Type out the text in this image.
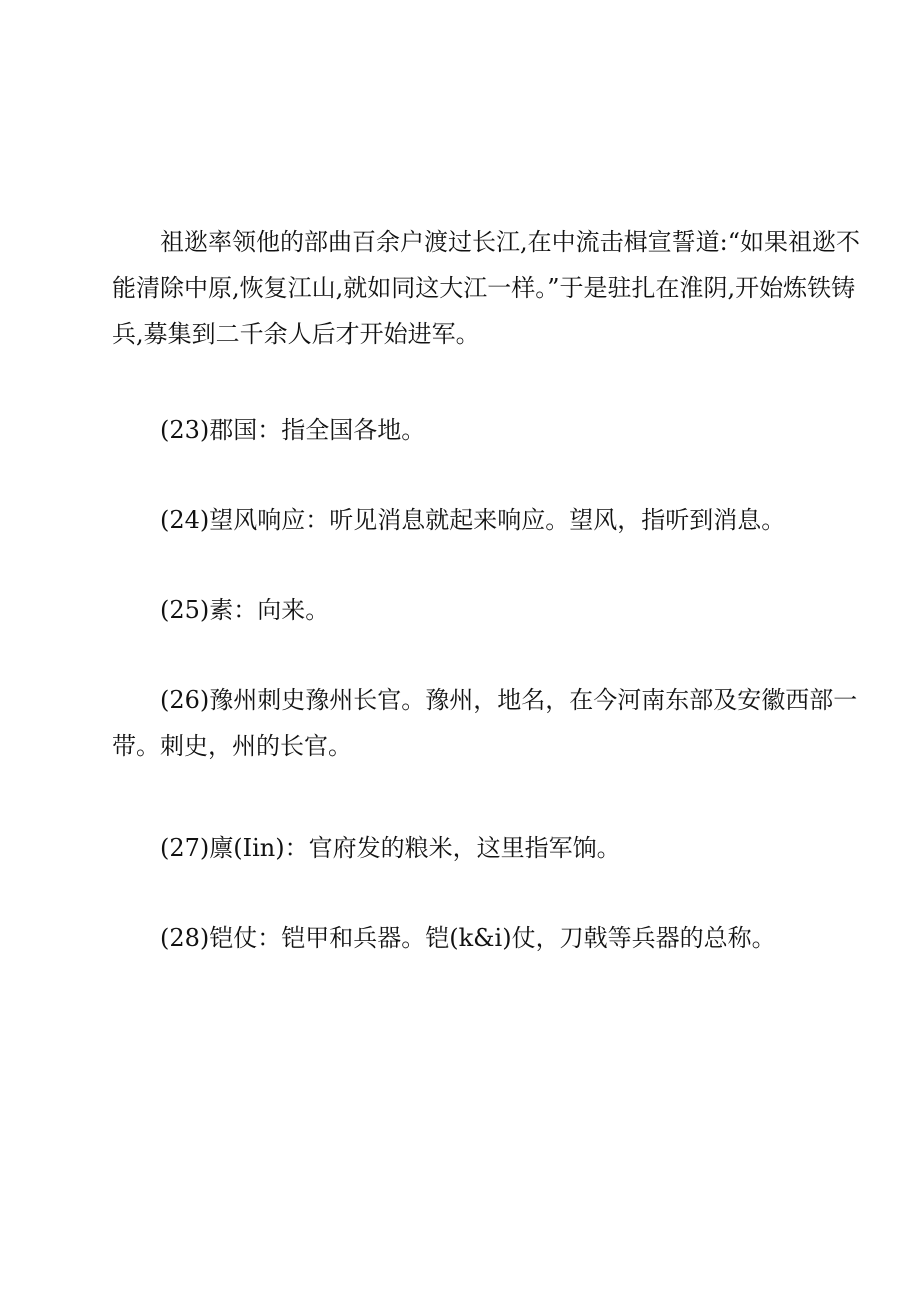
祖逖率领他的部曲百余户渡过长江,在中流击楫宣誓道:“如果祖逖不
能清除中原,恢复江山,就如同这大江一样。”于是驻扎在淮阴,开始炼铁铸
兵,募集到二千余人后才开始进军。

(23)郡国：指全国各地。

(24)望风响应：听见消息就起来响应。望风，指听到消息。

(25)素：向来。

(26)豫州刺史豫州长官。豫州，地名，在今河南东部及安徽西部一
带。刺史，州的长官。

(27)廪(Iin)：官府发的粮米，这里指军饷。

(28)铠仗：铠甲和兵器。铠(k&i)仗，刀戟等兵器的总称。
